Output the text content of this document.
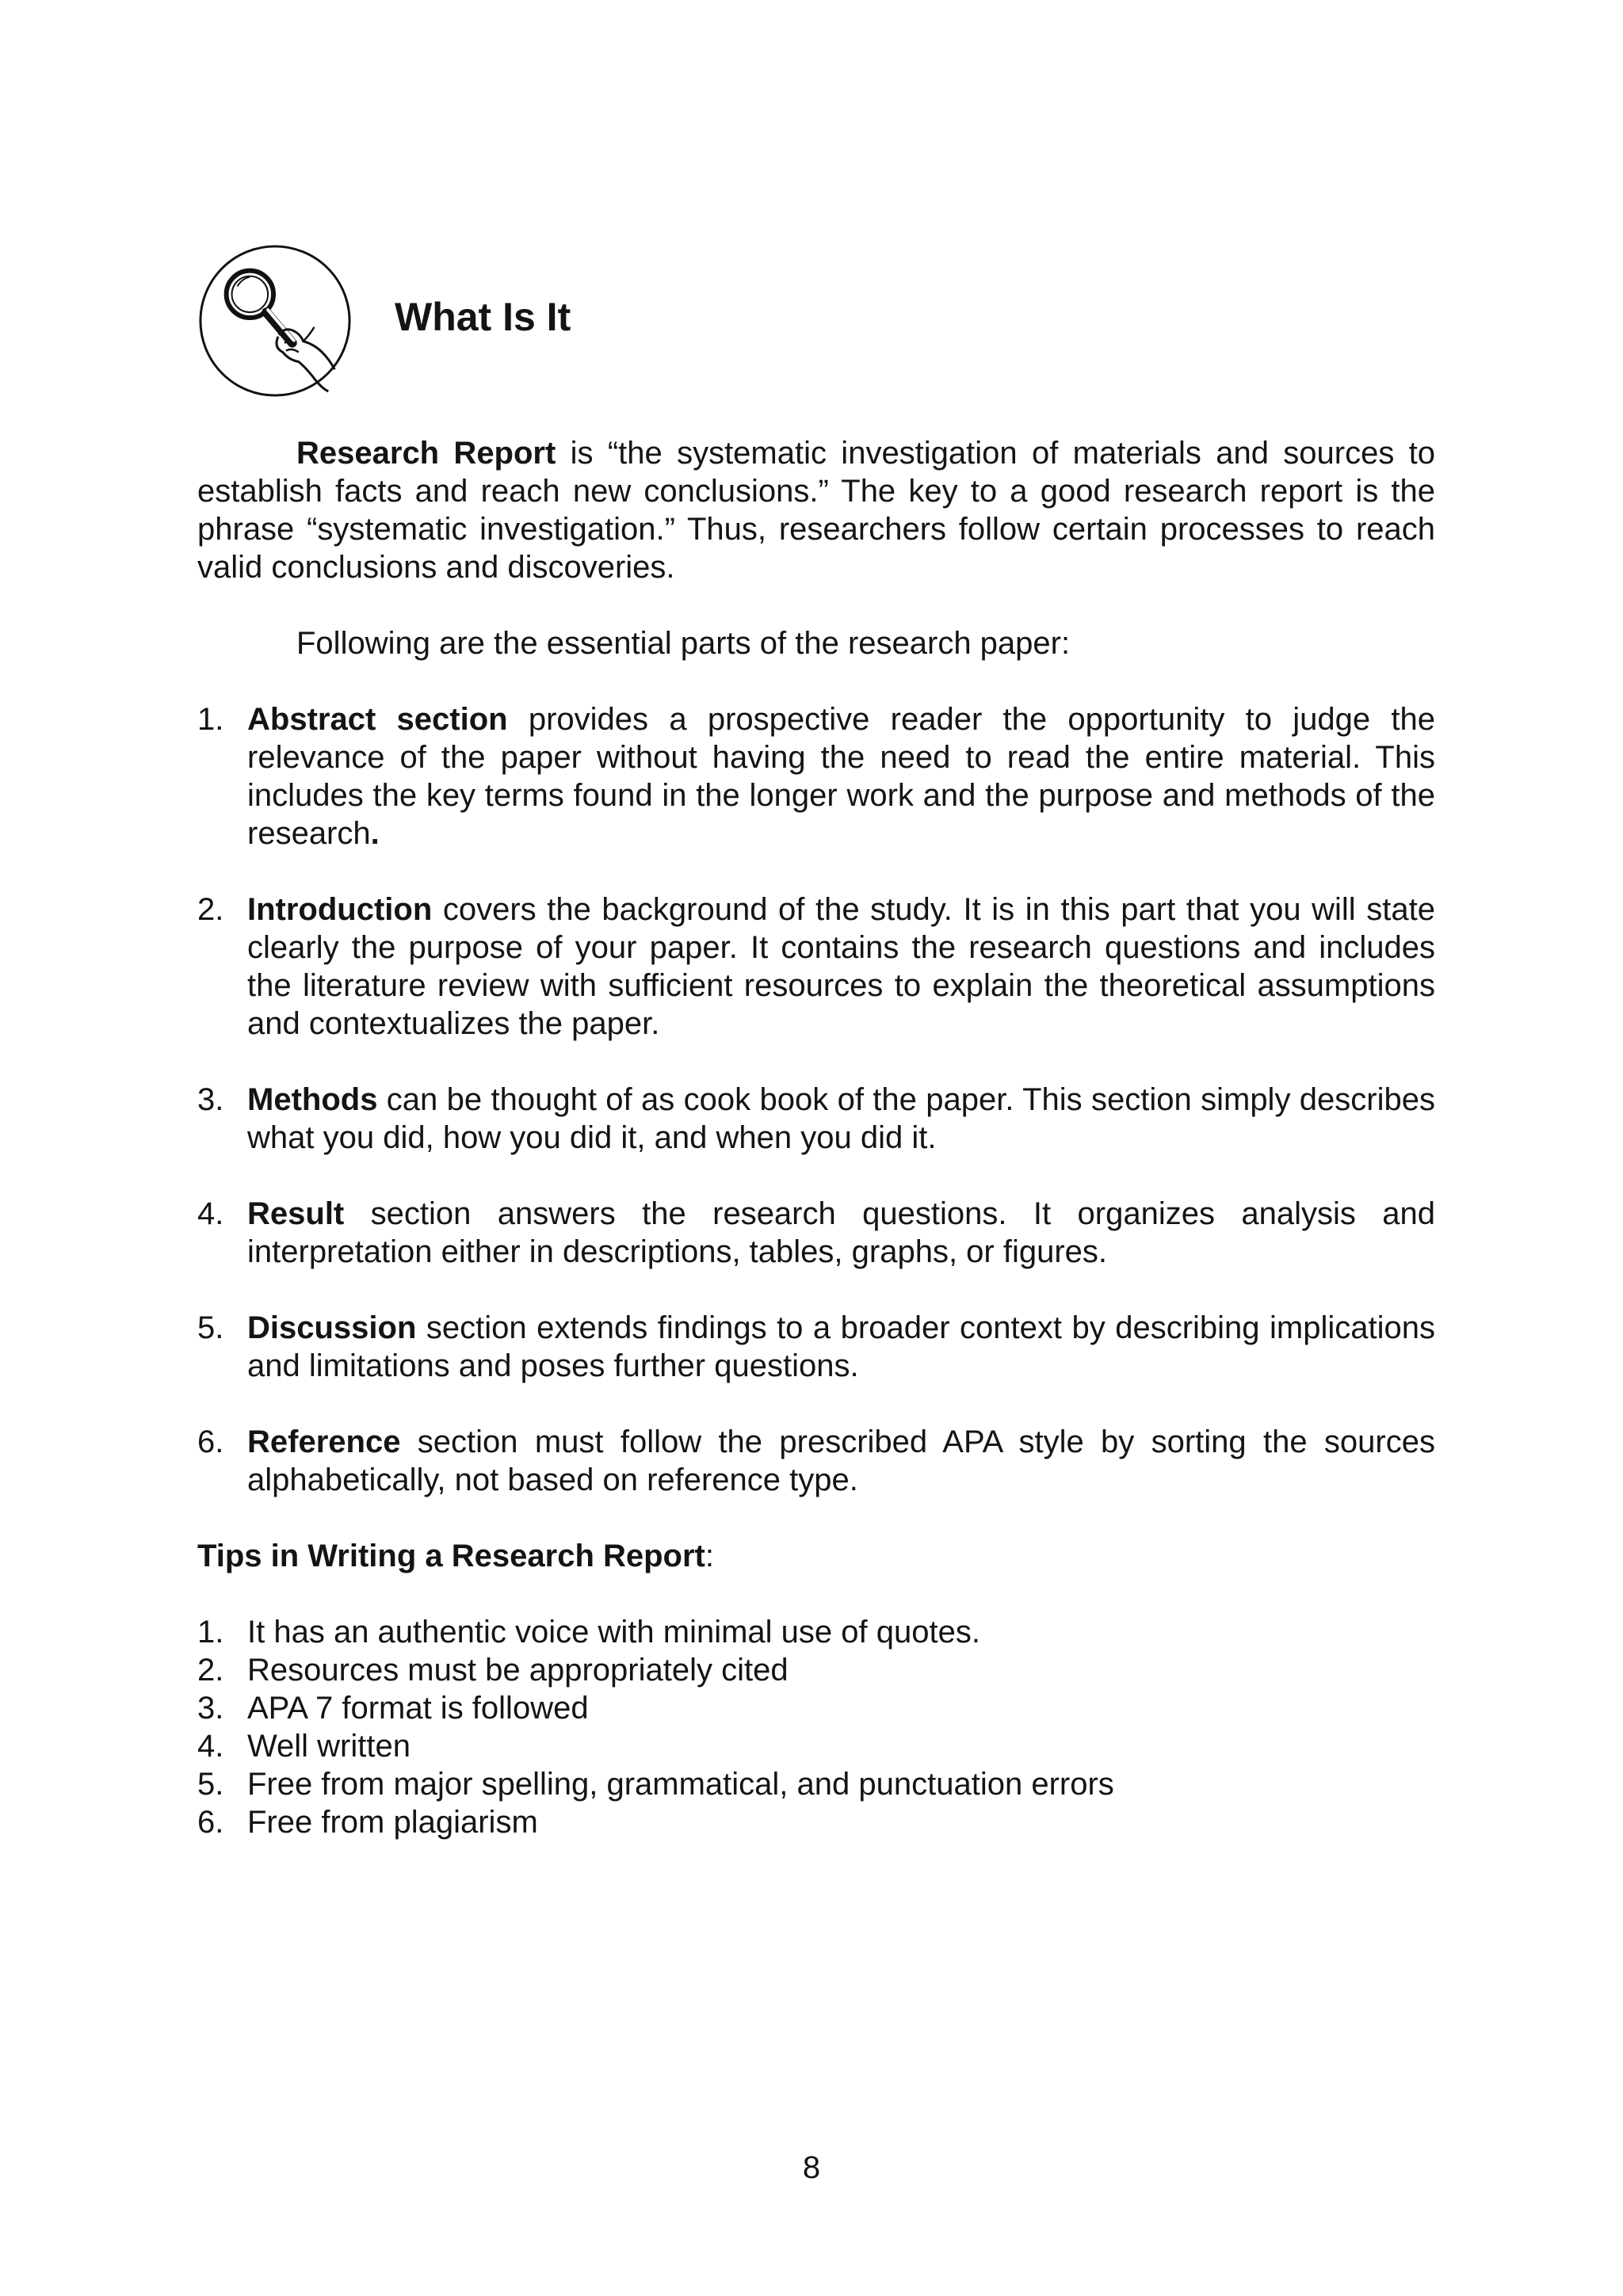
What Is It

Research Report is “the systematic investigation of materials and sources to establish facts and reach new conclusions.” The key to a good research report is the phrase “systematic investigation.” Thus, researchers follow certain processes to reach valid conclusions and discoveries.

Following are the essential parts of the research paper:

1. Abstract section provides a prospective reader the opportunity to judge the relevance of the paper without having the need to read the entire material. This includes the key terms found in the longer work and the purpose and methods of the research.
2. Introduction covers the background of the study. It is in this part that you will state clearly the purpose of your paper. It contains the research questions and includes the literature review with sufficient resources to explain the theoretical assumptions and contextualizes the paper.
3. Methods can be thought of as cook book of the paper. This section simply describes what you did, how you did it, and when you did it.
4. Result section answers the research questions. It organizes analysis and interpretation either in descriptions, tables, graphs, or figures.
5. Discussion section extends findings to a broader context by describing implications and limitations and poses further questions.
6. Reference section must follow the prescribed APA style by sorting the sources alphabetically, not based on reference type.

Tips in Writing a Research Report:

1. It has an authentic voice with minimal use of quotes.
2. Resources must be appropriately cited
3. APA 7 format is followed
4. Well written
5. Free from major spelling, grammatical, and punctuation errors
6. Free from plagiarism
8
